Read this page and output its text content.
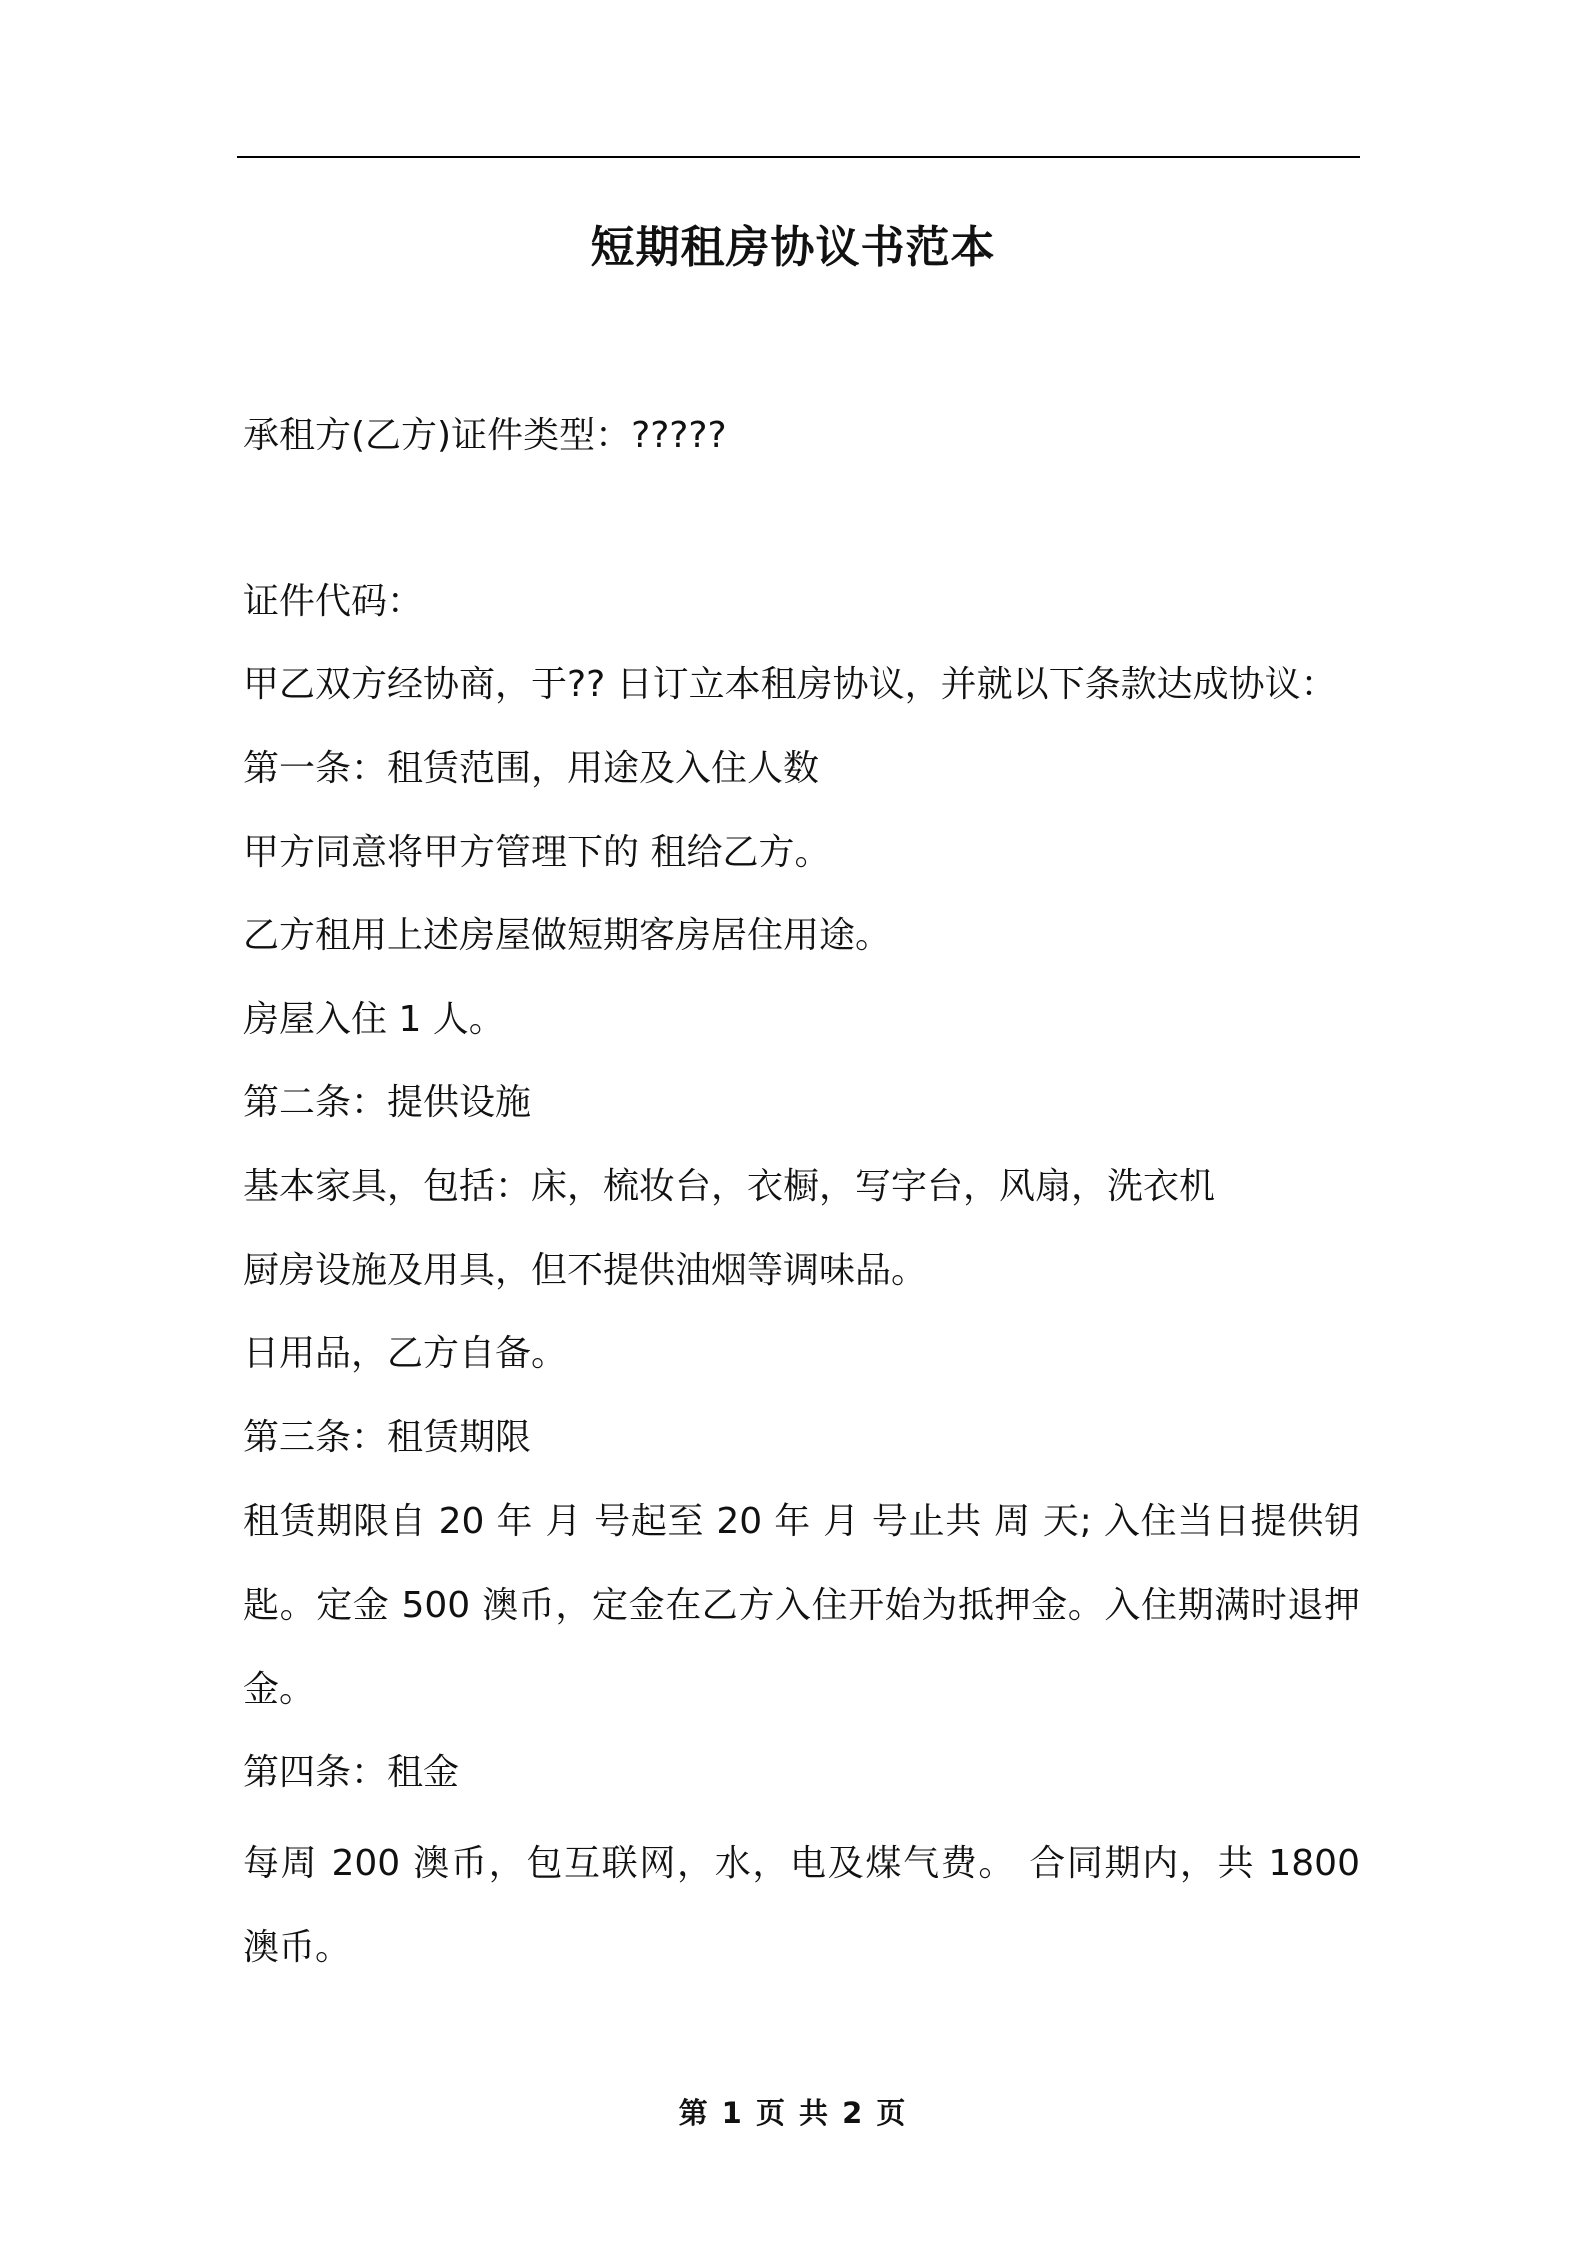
短期租房协议书范本

承租方(乙方)证件类型：?????

证件代码：

甲乙双方经协商，于?? 日订立本租房协议，并就以下条款达成协议：

第一条：租赁范围，用途及入住人数

甲方同意将甲方管理下的 租给乙方。

乙方租用上述房屋做短期客房居住用途。

房屋入住 1 人。

第二条：提供设施

基本家具，包括：床，梳妆台，衣橱，写字台，风扇，洗衣机

厨房设施及用具，但不提供油烟等调味品。

日用品，乙方自备。

第三条：租赁期限

租赁期限自 20 年 月 号起至 20 年 月 号止共 周 天; 入住当日提供钥匙。定金 500 澳币，定金在乙方入住开始为抵押金。入住期满时退押金。

第四条：租金

每周 200 澳币，包互联网，水，电及煤气费。 合同期内，共 1800 澳币。

第 1 页 共 2 页
